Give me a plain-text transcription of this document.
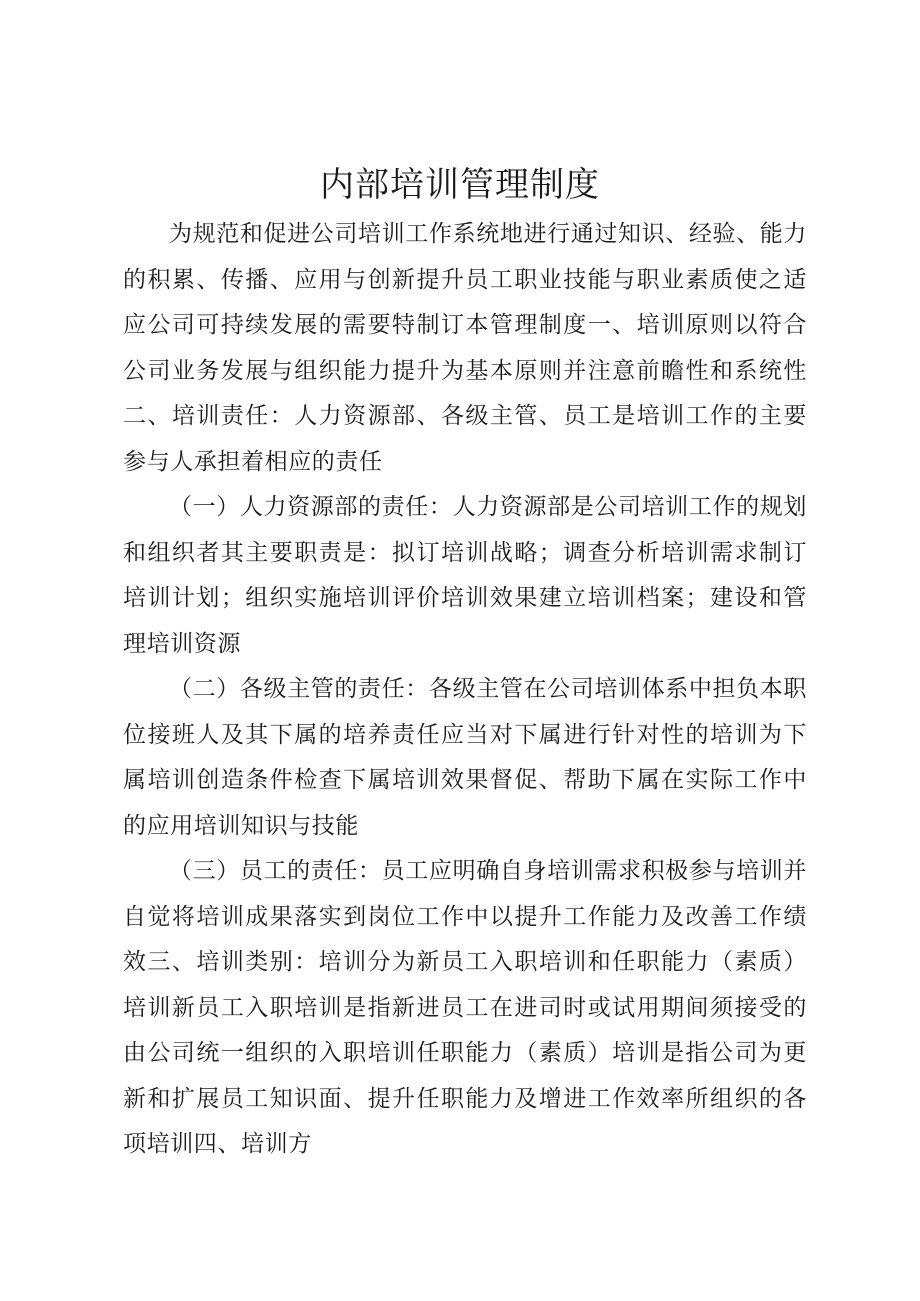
内部培训管理制度

为规范和促进公司培训工作系统地进行通过知识、经验、能力的积累、传播、应用与创新提升员工职业技能与职业素质使之适应公司可持续发展的需要特制订本管理制度一、培训原则以符合公司业务发展与组织能力提升为基本原则并注意前瞻性和系统性二、培训责任：人力资源部、各级主管、员工是培训工作的主要参与人承担着相应的责任

（一）人力资源部的责任：人力资源部是公司培训工作的规划和组织者其主要职责是：拟订培训战略；调查分析培训需求制订培训计划；组织实施培训评价培训效果建立培训档案；建设和管理培训资源

（二）各级主管的责任：各级主管在公司培训体系中担负本职位接班人及其下属的培养责任应当对下属进行针对性的培训为下属培训创造条件检查下属培训效果督促、帮助下属在实际工作中的应用培训知识与技能

（三）员工的责任：员工应明确自身培训需求积极参与培训并自觉将培训成果落实到岗位工作中以提升工作能力及改善工作绩效三、培训类别：培训分为新员工入职培训和任职能力（素质）培训新员工入职培训是指新进员工在进司时或试用期间须接受的由公司统一组织的入职培训任职能力（素质）培训是指公司为更新和扩展员工知识面、提升任职能力及增进工作效率所组织的各项培训四、培训方
